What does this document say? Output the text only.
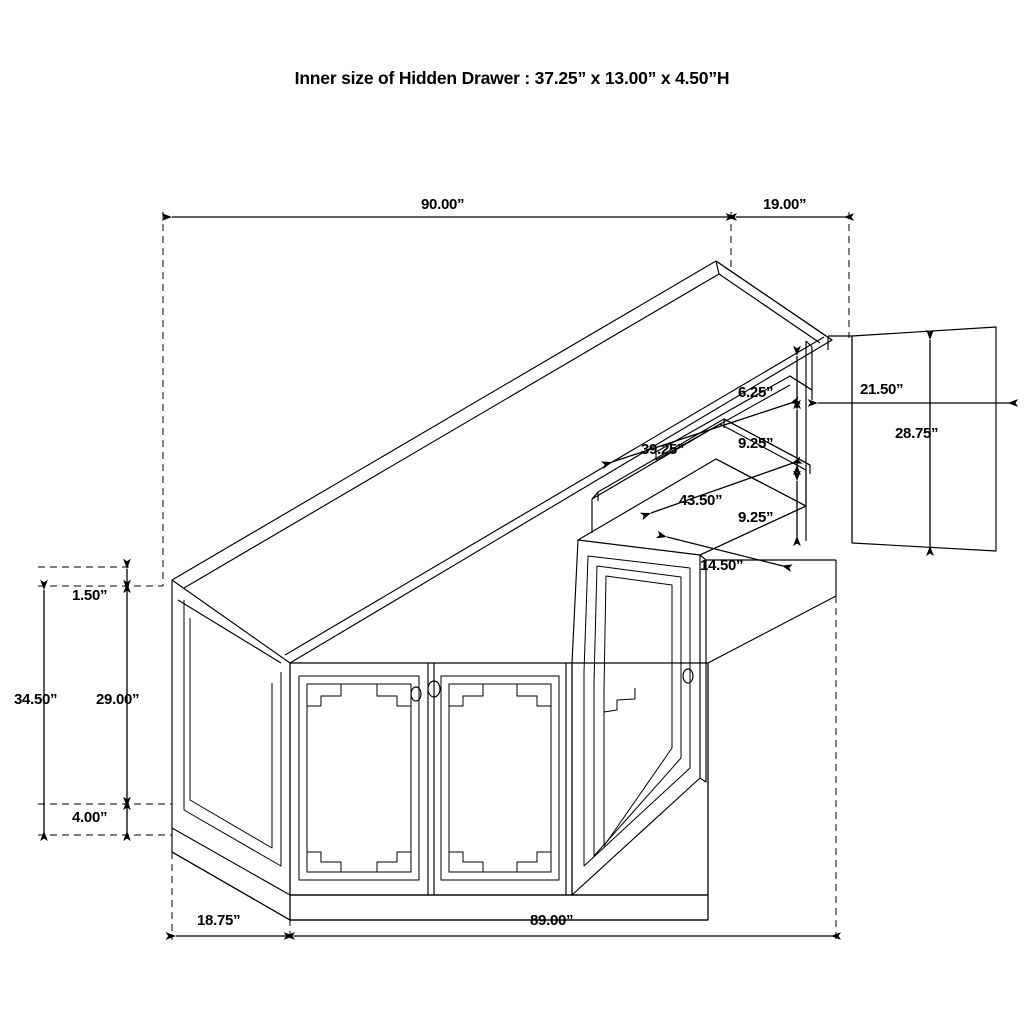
Inner size of Hidden Drawer : 37.25” x 13.00” x 4.50”H
90.00”	19.00”
6.25”	21.50”
39.25”	9.25”
28.75”
43.50”
9.25”
14.50”
1.50”
34.50”	29.00”
4.00”
18.75”	89.00”
